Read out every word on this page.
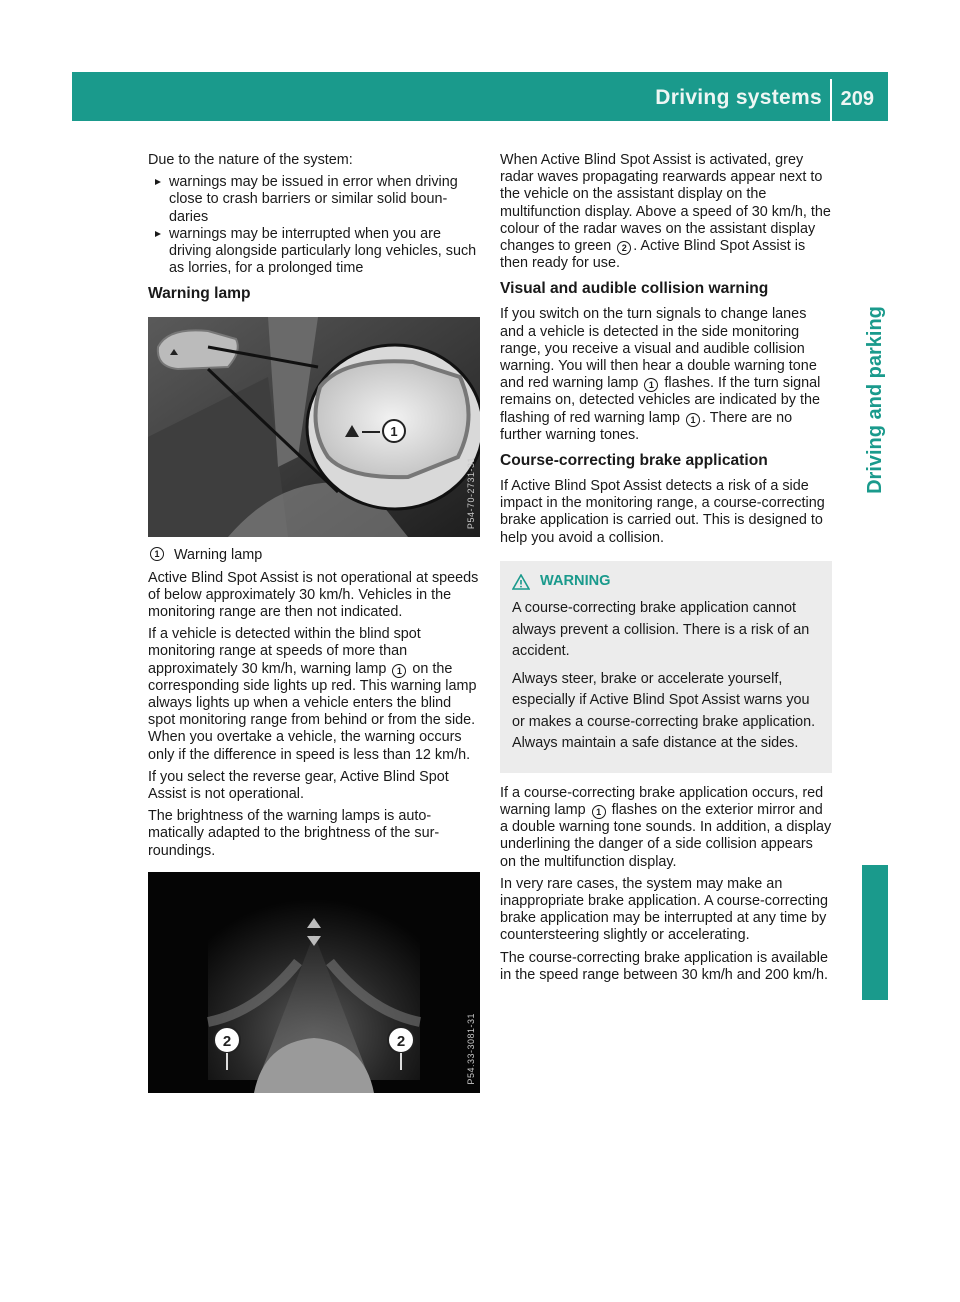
Driving systems 209
Driving and parking

Due to the nature of the system:

warnings may be issued in error when driving close to crash barriers or similar solid boundaries
warnings may be interrupted when you are driving alongside particularly long vehicles, such as lorries, for a prolonged time
Warning lamp
1
P54-70-2731-31
1	Warning lamp

Active Blind Spot Assist is not operational at speeds of below approximately 30 km/h. Vehicles in the monitoring range are then not indicated.

If a vehicle is detected within the blind spot monitoring range at speeds of more than approximately 30 km/h, warning lamp 1 on the corresponding side lights up red. This warning lamp always lights up when a vehicle enters the blind spot monitoring range from behind or from the side. When you overtake a vehicle, the warning occurs only if the difference in speed is less than 12 km/h.

If you select the reverse gear, Active Blind Spot Assist is not operational.

The brightness of the warning lamps is automatically adapted to the brightness of the surroundings.

2	2	P54.33-3081-31

When Active Blind Spot Assist is activated, grey radar waves propagating rearwards appear next to the vehicle on the assistant display on the multifunction display. Above a speed of 30 km/h, the colour of the radar waves on the assistant display changes to green 2 . Active Blind Spot Assist is then ready for use.

Visual and audible collision warning

If you switch on the turn signals to change lanes and a vehicle is detected in the side monitoring range, you receive a visual and audible collision warning. You will then hear a double warning tone and red warning lamp 1 flashes. If the turn signal remains on, detected vehicles are indicated by the flashing of red warning lamp 1 . There are no further warning tones.

Course-correcting brake application

If Active Blind Spot Assist detects a risk of a side impact in the monitoring range, a course-correcting brake application is carried out. This is designed to help you avoid a collision.

WARNING

A course-correcting brake application cannot always prevent a collision. There is a risk of an accident.

Always steer, brake or accelerate yourself, especially if Active Blind Spot Assist warns you or makes a course-correcting brake application. Always maintain a safe distance at the sides.

If a course-correcting brake application occurs, red warning lamp 1 flashes on the exterior mirror and a double warning tone sounds. In addition, a display underlining the danger of a side collision appears on the multifunction display.

In very rare cases, the system may make an inappropriate brake application. A course-correcting brake application may be interrupted at any time by countersteering slightly or accelerating.

The course-correcting brake application is available in the speed range between 30 km/h and 200 km/h.
